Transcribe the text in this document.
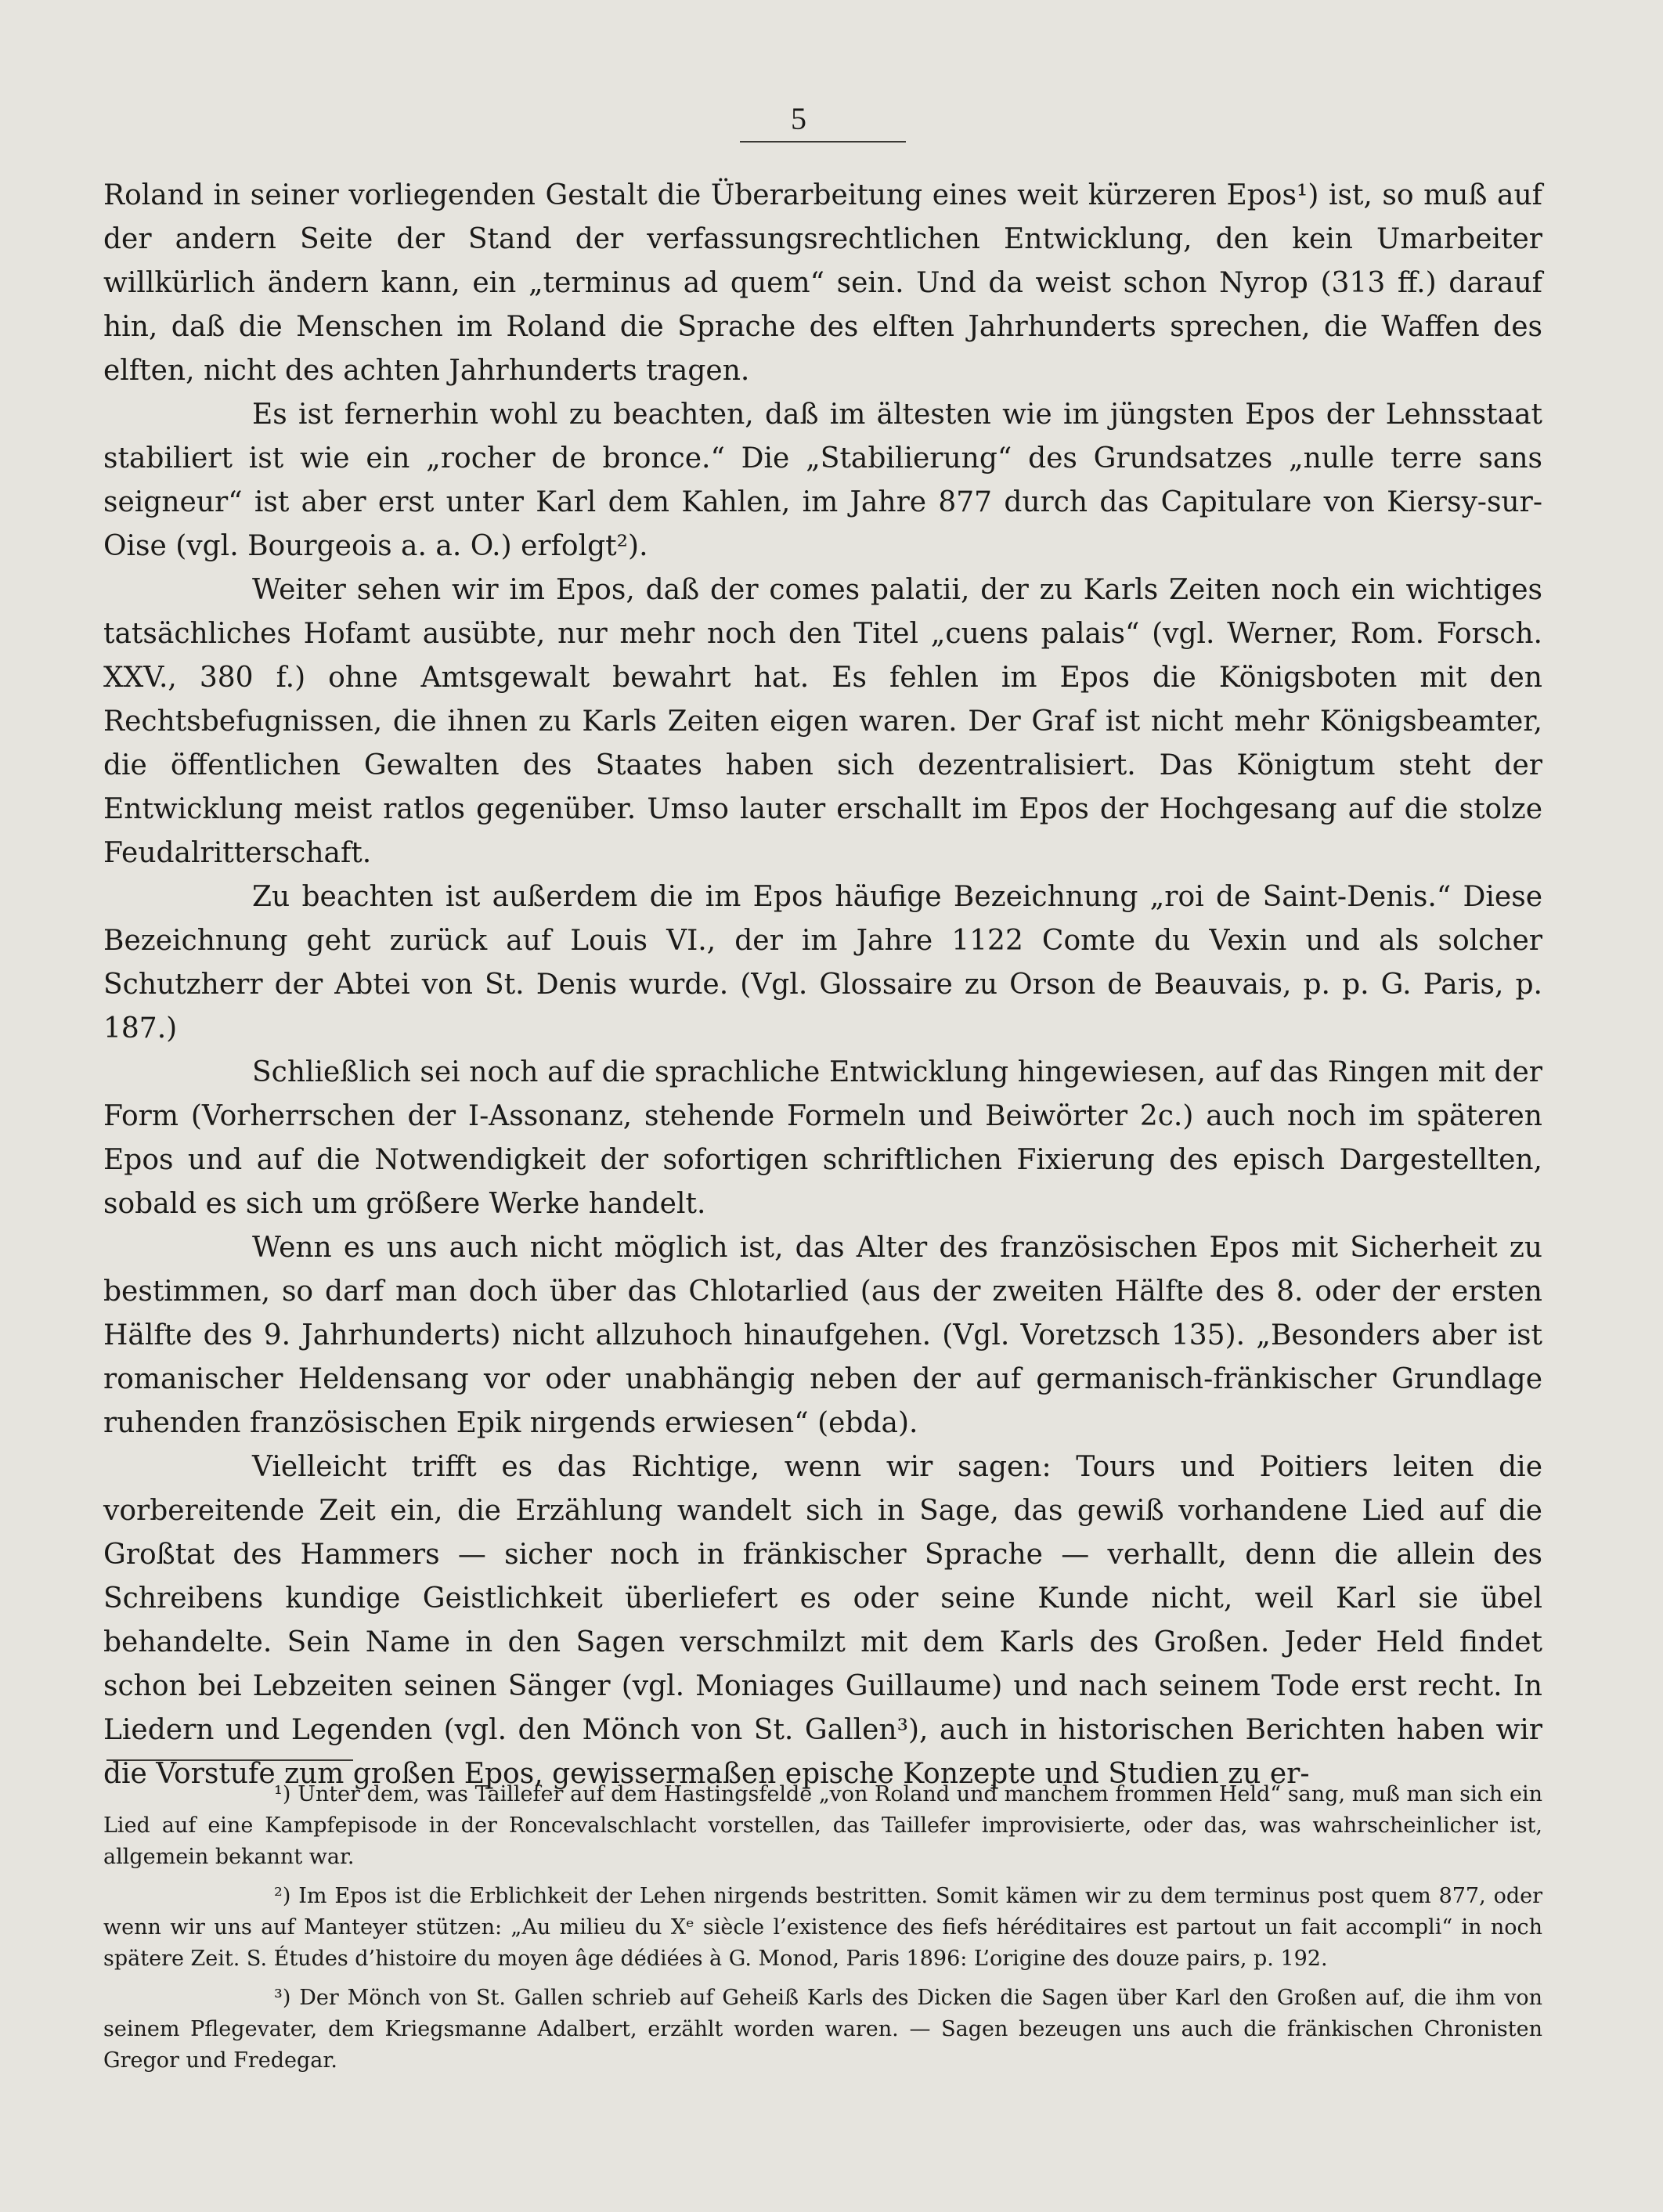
5

Roland in seiner vorliegenden Gestalt die Überarbeitung eines weit kürzeren Epos¹) ist, so muß auf der andern Seite der Stand der verfassungsrechtlichen Entwicklung, den kein Umarbeiter willkürlich ändern kann, ein „terminus ad quem“ sein. Und da weist schon Nyrop (313 ff.) darauf hin, daß die Menschen im Roland die Sprache des elften Jahrhunderts sprechen, die Waffen des elften, nicht des achten Jahrhunderts tragen.

Es ist fernerhin wohl zu beachten, daß im ältesten wie im jüngsten Epos der Lehnsstaat stabiliert ist wie ein „rocher de bronce.“ Die „Stabilierung“ des Grundsatzes „nulle terre sans seigneur“ ist aber erst unter Karl dem Kahlen, im Jahre 877 durch das Capitulare von Kiersy-sur-Oise (vgl. Bourgeois a. a. O.) erfolgt²).

Weiter sehen wir im Epos, daß der comes palatii, der zu Karls Zeiten noch ein wichtiges tatsächliches Hofamt ausübte, nur mehr noch den Titel „cuens palais“ (vgl. Werner, Rom. Forsch. XXV., 380 f.) ohne Amtsgewalt bewahrt hat. Es fehlen im Epos die Königsboten mit den Rechtsbefugnissen, die ihnen zu Karls Zeiten eigen waren. Der Graf ist nicht mehr Königsbeamter, die öffentlichen Gewalten des Staates haben sich dezentralisiert. Das Königtum steht der Entwicklung meist ratlos gegenüber. Umso lauter erschallt im Epos der Hochgesang auf die stolze Feudalritterschaft.

Zu beachten ist außerdem die im Epos häufige Bezeichnung „roi de Saint-Denis.“ Diese Bezeichnung geht zurück auf Louis VI., der im Jahre 1122 Comte du Vexin und als solcher Schutzherr der Abtei von St. Denis wurde. (Vgl. Glossaire zu Orson de Beauvais, p. p. G. Paris, p. 187.)

Schließlich sei noch auf die sprachliche Entwicklung hingewiesen, auf das Ringen mit der Form (Vorherrschen der I-Assonanz, stehende Formeln und Beiwörter 2c.) auch noch im späteren Epos und auf die Notwendigkeit der sofortigen schriftlichen Fixierung des episch Dargestellten, sobald es sich um größere Werke handelt.

Wenn es uns auch nicht möglich ist, das Alter des französischen Epos mit Sicherheit zu bestimmen, so darf man doch über das Chlotarlied (aus der zweiten Hälfte des 8. oder der ersten Hälfte des 9. Jahrhunderts) nicht allzuhoch hinaufgehen. (Vgl. Voretzsch 135). „Besonders aber ist romanischer Heldensang vor oder unabhängig neben der auf germanisch-fränkischer Grundlage ruhenden französischen Epik nirgends erwiesen“ (ebda).

Vielleicht trifft es das Richtige, wenn wir sagen: Tours und Poitiers leiten die vorbereitende Zeit ein, die Erzählung wandelt sich in Sage, das gewiß vorhandene Lied auf die Großtat des Hammers — sicher noch in fränkischer Sprache — verhallt, denn die allein des Schreibens kundige Geistlichkeit überliefert es oder seine Kunde nicht, weil Karl sie übel behandelte. Sein Name in den Sagen verschmilzt mit dem Karls des Großen. Jeder Held findet schon bei Lebzeiten seinen Sänger (vgl. Moniages Guillaume) und nach seinem Tode erst recht. In Liedern und Legenden (vgl. den Mönch von St. Gallen³), auch in historischen Berichten haben wir die Vorstufe zum großen Epos, gewissermaßen epische Konzepte und Studien zu er-

¹) Unter dem, was Taillefer auf dem Hastingsfelde „von Roland und manchem frommen Held“ sang, muß man sich ein Lied auf eine Kampfepisode in der Roncevalschlacht vorstellen, das Taillefer improvisierte, oder das, was wahrscheinlicher ist, allgemein bekannt war.

²) Im Epos ist die Erblichkeit der Lehen nirgends bestritten. Somit kämen wir zu dem terminus post quem 877, oder wenn wir uns auf Manteyer stützen: „Au milieu du Xᵉ siècle l’existence des fiefs héréditaires est partout un fait accompli“ in noch spätere Zeit. S. Études d’histoire du moyen âge dédiées à G. Monod, Paris 1896: L’origine des douze pairs, p. 192.

³) Der Mönch von St. Gallen schrieb auf Geheiß Karls des Dicken die Sagen über Karl den Großen auf, die ihm von seinem Pflegevater, dem Kriegsmanne Adalbert, erzählt worden waren. — Sagen bezeugen uns auch die fränkischen Chronisten Gregor und Fredegar.
